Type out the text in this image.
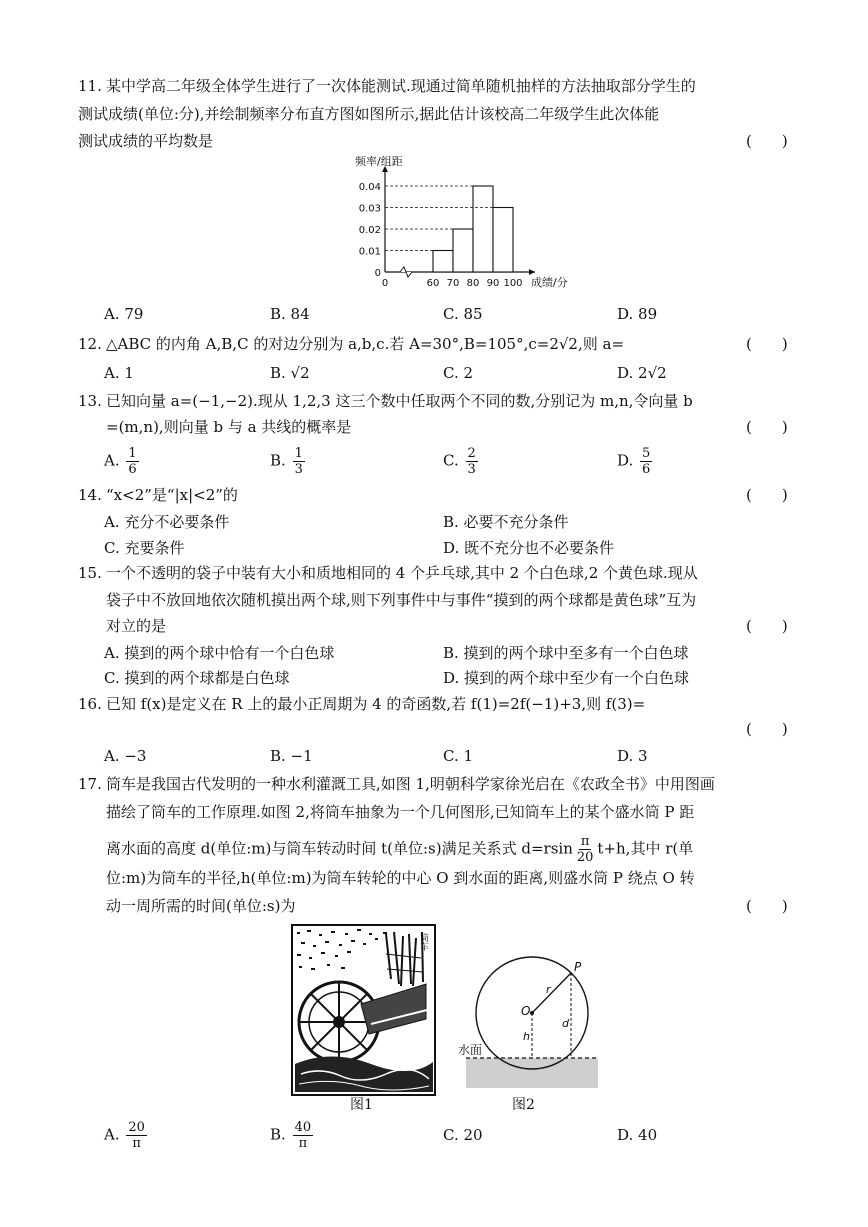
11. 某中学高二年级全体学生进行了一次体能测试.现通过简单随机抽样的方法抽取部分学生的
测试成绩(单位:分),并绘制频率分布直方图如图所示,据此估计该校高二年级学生此次体能
测试成绩的平均数是	(　　)
0
0.01
0.02
0.03
0.04
0	60 70 80 90 100
频率/组距
成绩/分
A. 79	B. 84	C. 85	D. 89
12. △ABC 的内角 A,B,C 的对边分别为 a,b,c.若 A=30°,B=105°,c=2√2,则 a=	(　　)
A. 1	B. √2	C. 2	D. 2√2
13. 已知向量 a=(−1,−2).现从 1,2,3 这三个数中任取两个不同的数,分别记为 m,n,令向量 b
=(m,n),则向量 b 与 a 共线的概率是	(　　)
A. $\frac{1}{6}$	B. $\frac{1}{3}$	C. $\frac{2}{3}$	D. $\frac{5}{6}$
14. “x<2”是“|x|<2”的	(　　)
A. 充分不必要条件	B. 必要不充分条件
C. 充要条件	D. 既不充分也不必要条件
15. 一个不透明的袋子中装有大小和质地相同的 4 个乒乓球,其中 2 个白色球,2 个黄色球.现从
袋子中不放回地依次随机摸出两个球,则下列事件中与事件“摸到的两个球都是黄色球”互为
对立的是	(　　)
A. 摸到的两个球中恰有一个白色球	B. 摸到的两个球中至多有一个白色球
C. 摸到的两个球都是白色球	D. 摸到的两个球中至少有一个白色球
16. 已知 f(x)是定义在 R 上的最小正周期为 4 的奇函数,若 f(1)=2f(−1)+3,则 f(3)=
(　　)
A. −3	B. −1	C. 1	D. 3
17. 筒车是我国古代发明的一种水利灌溉工具,如图 1,明朝科学家徐光启在《农政全书》中用图画
描绘了筒车的工作原理.如图 2,将筒车抽象为一个几何图形,已知筒车上的某个盛水筒 P 距
离水面的高度 d(单位:m)与筒车转动时间 t(单位:s)满足关系式 $d=rsin \frac{\pi}{20} t+h$,其中 r(单
位:m)为筒车的半径,h(单位:m)为筒车转轮的中心 O 到水面的距离,则盛水筒 P 绕点 O 转
动一周所需的时间(单位:s)为	(　　)
筒车
图1
P
O
r
h
d
水面
图2
A. $\frac{20}{\pi}$	B. $\frac{40}{\pi}$	C. 20	D. 40
